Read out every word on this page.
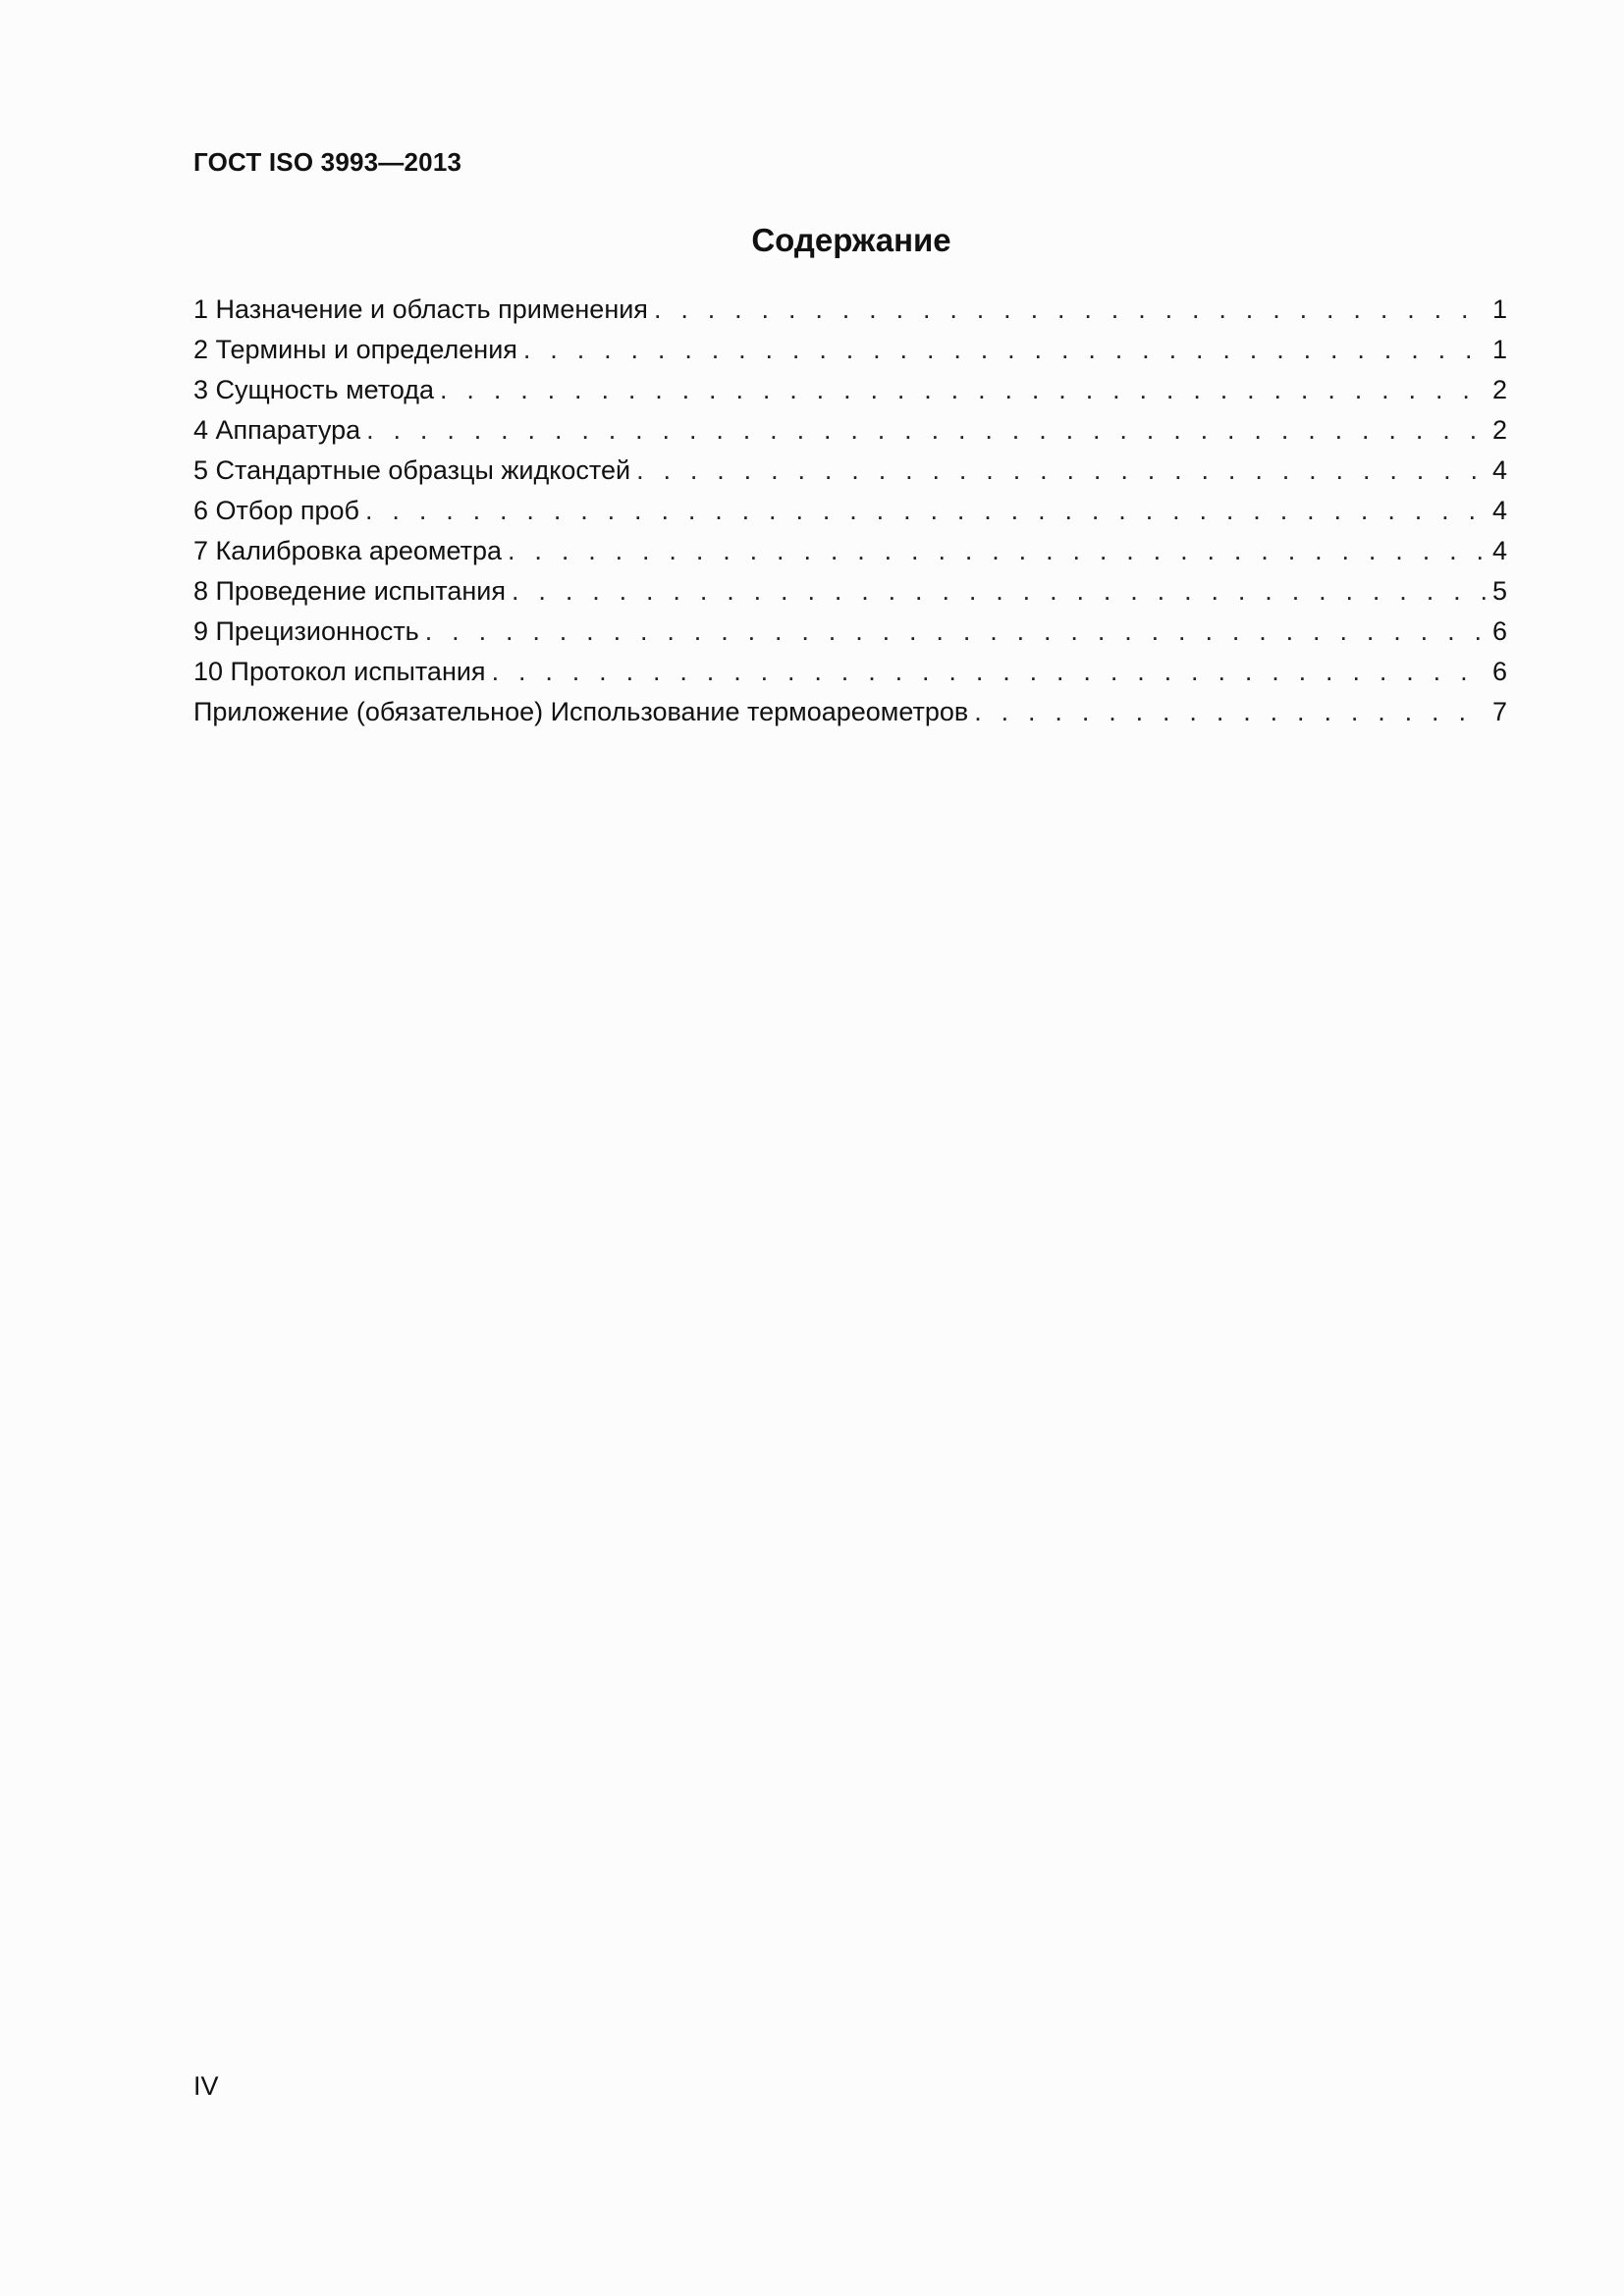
ГОСТ ISO 3993—2013
Содержание
1 Назначение и область применения . . .	1
2 Термины и определения . . .	1
3 Сущность метода . . .	2
4 Аппаратура . . .	2
5 Стандартные образцы жидкостей . . .	4
6 Отбор проб . . .	4
7 Калибровка ареометра . . .	4
8 Проведение испытания . . .	5
9 Прецизионность . . .	6
10 Протокол испытания . . .	6
Приложение (обязательное) Использование термоареометров . . .	7
IV
